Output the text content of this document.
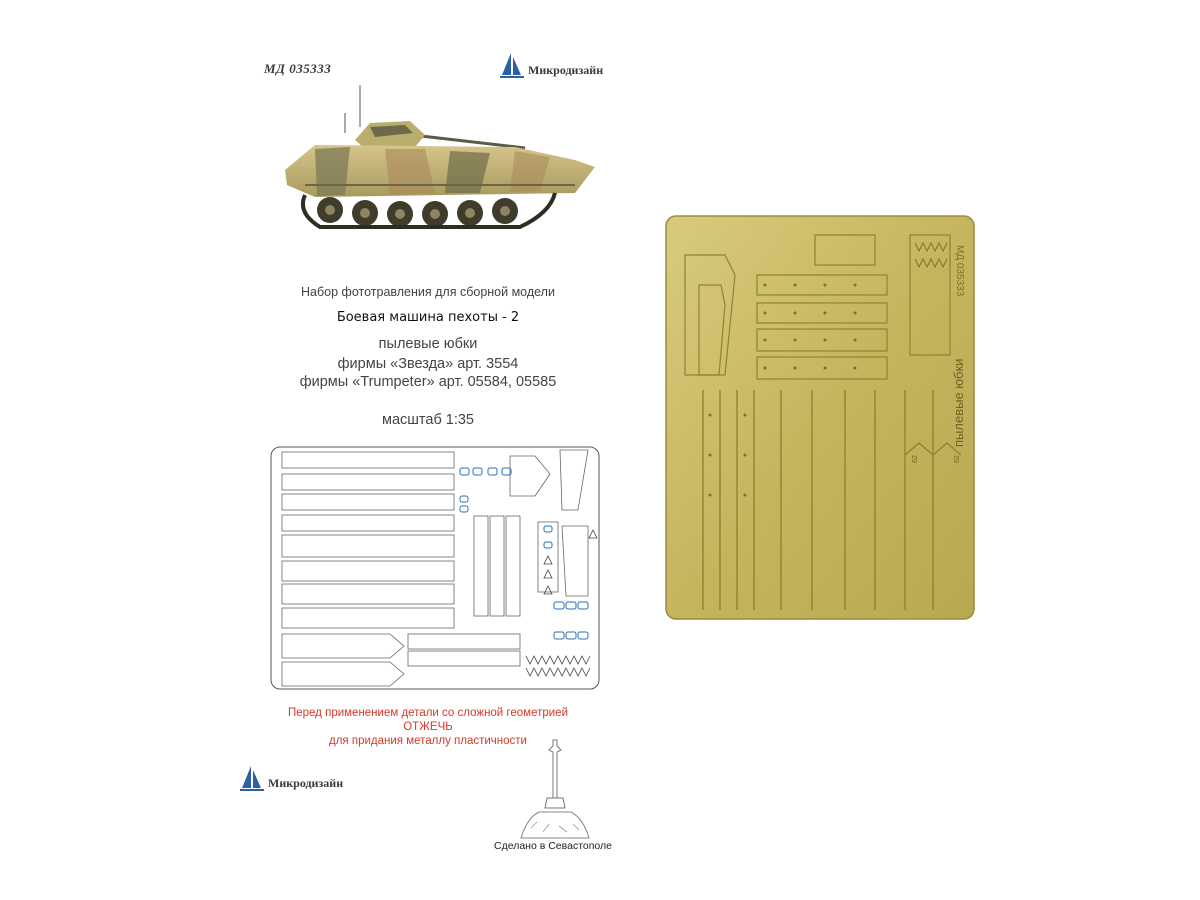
МД 035333	Микродизайн
Набор фототравления для сборной модели
Боевая машина пехоты - 2
пылевые юбки
фирмы «Звезда» арт. 3554
фирмы «Trumpeter» арт. 05584, 05585
масштаб 1:35
Перед применением детали со сложной геометрией
ОТЖЕЧЬ
для придания металлу пластичности
Микродизайн
Сделано в Севастополе
МД 035333
пылевые юбки
62	62
